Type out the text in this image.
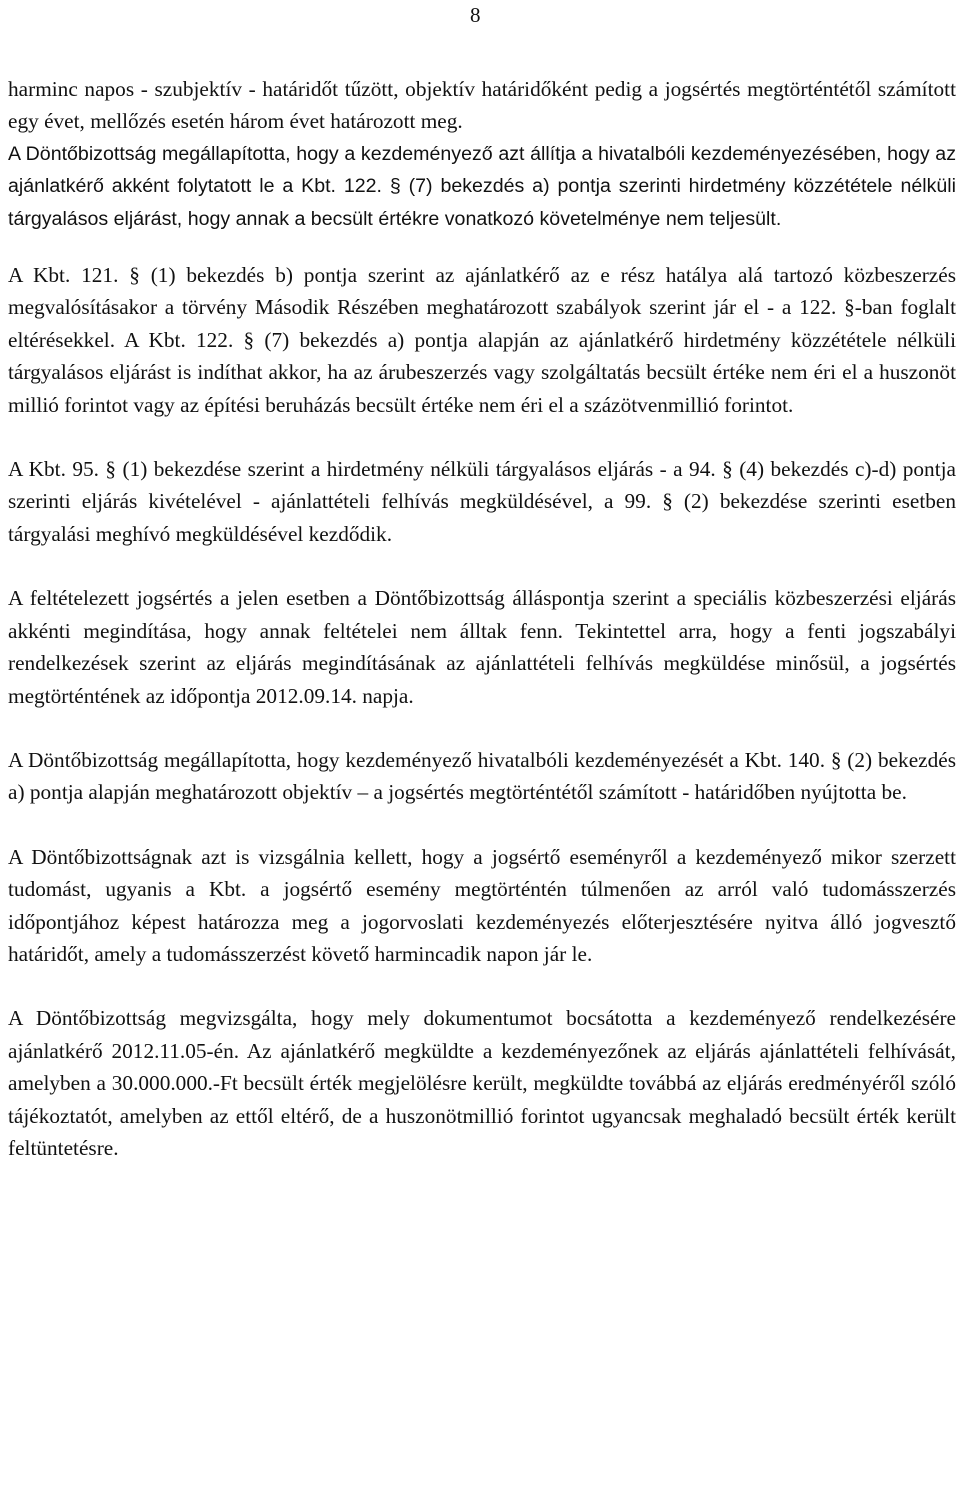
8

harminc napos - szubjektív - határidőt tűzött, objektív határidőként pedig a jogsértés megtörténtétől számított egy évet, mellőzés esetén három évet határozott meg.

A Döntőbizottság megállapította, hogy a kezdeményező azt állítja a hivatalbóli kezdeményezésében, hogy az ajánlatkérő akként folytatott le a Kbt. 122. § (7) bekezdés a) pontja szerinti hirdetmény közzététele nélküli tárgyalásos eljárást, hogy annak a becsült értékre vonatkozó követelménye nem teljesült.

A Kbt. 121. § (1) bekezdés b) pontja szerint az ajánlatkérő az e rész hatálya alá tartozó közbeszerzés megvalósításakor a törvény Második Részében meghatározott szabályok szerint jár el - a 122. §-ban foglalt eltérésekkel. A Kbt. 122. § (7) bekezdés a) pontja alapján az ajánlatkérő hirdetmény közzététele nélküli tárgyalásos eljárást is indíthat akkor, ha az árubeszerzés vagy szolgáltatás becsült értéke nem éri el a huszonöt millió forintot vagy az építési beruházás becsült értéke nem éri el a százötvenmillió forintot.

A Kbt. 95. § (1) bekezdése szerint a hirdetmény nélküli tárgyalásos eljárás - a 94. § (4) bekezdés c)-d) pontja szerinti eljárás kivételével - ajánlattételi felhívás megküldésével, a 99. § (2) bekezdése szerinti esetben tárgyalási meghívó megküldésével kezdődik.

A feltételezett jogsértés a jelen esetben a Döntőbizottság álláspontja szerint a speciális közbeszerzési eljárás akkénti megindítása, hogy annak feltételei nem álltak fenn. Tekintettel arra, hogy a fenti jogszabályi rendelkezések szerint az eljárás megindításának az ajánlattételi felhívás megküldése minősül, a jogsértés megtörténtének az időpontja 2012.09.14. napja.

A Döntőbizottság megállapította, hogy kezdeményező hivatalbóli kezdeményezését a Kbt. 140. § (2) bekezdés a) pontja alapján meghatározott objektív – a jogsértés megtörténtétől számított - határidőben nyújtotta be.

A Döntőbizottságnak azt is vizsgálnia kellett, hogy a jogsértő eseményről a kezdeményező mikor szerzett tudomást, ugyanis a Kbt. a jogsértő esemény megtörténtén túlmenően az arról való tudomásszerzés időpontjához képest határozza meg a jogorvoslati kezdeményezés előterjesztésére nyitva álló jogvesztő határidőt, amely a tudomásszerzést követő harmincadik napon jár le.

A Döntőbizottság megvizsgálta, hogy mely dokumentumot bocsátotta a kezdeményező rendelkezésére ajánlatkérő 2012.11.05-én. Az ajánlatkérő megküldte a kezdeményezőnek az eljárás ajánlattételi felhívását, amelyben a 30.000.000.-Ft becsült érték megjelölésre került, megküldte továbbá az eljárás eredményéről szóló tájékoztatót, amelyben az ettől eltérő, de a huszonötmillió forintot ugyancsak meghaladó becsült érték került feltüntetésre.
